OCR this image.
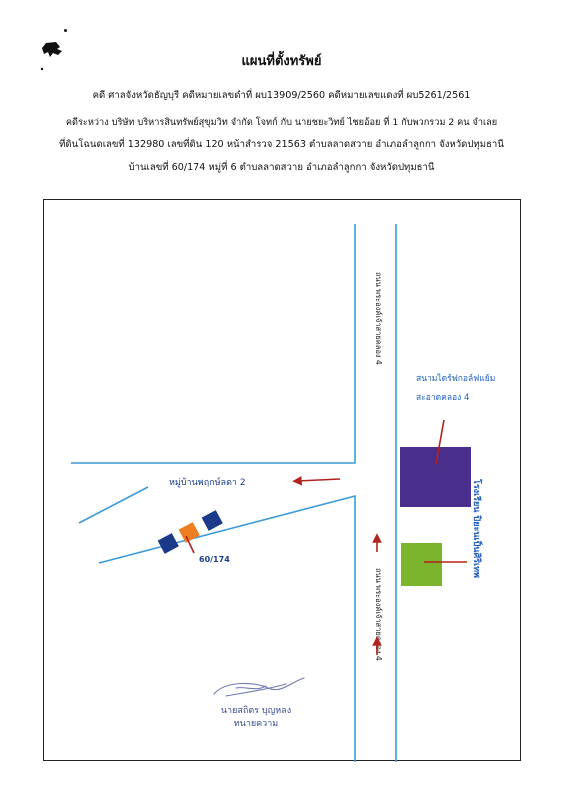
แผนที่ตั้งทรัพย์
คดี ศาลจังหวัดธัญบุรี คดีหมายเลขดำที่ ผบ13909/2560 คดีหมายเลขแดงที่ ผบ5261/2561
คดีระหว่าง บริษัท บริหารสินทรัพย์สุขุมวิท จำกัด โจทก์ กับ นายชยะวิทย์ ไชยอ้อย ที่ 1 กับพวกรวม 2 คน จำเลย
ที่ดินโฉนดเลขที่ 132980 เลขที่ดิน 120 หน้าสำรวจ 21563 ตำบลลาดสวาย อำเภอลำลูกกา จังหวัดปทุมธานี
บ้านเลขที่ 60/174 หมู่ที่ 6 ตำบลลาดสวาย อำเภอลำลูกกา จังหวัดปทุมธานี
ถนน พระองค์เจ้าสายคลอง 4
ถนน พระองค์เจ้าสายคลอง 4
หมู่บ้านพฤกษ์ลดา 2
สนามไดร์ฟกอล์ฟแย้ม
สะอาดคลอง 4
โรงเรียน ปิยะนเป็นศิริเทพ
60/174
นายสถิตร บุญหลง
ทนายความ
